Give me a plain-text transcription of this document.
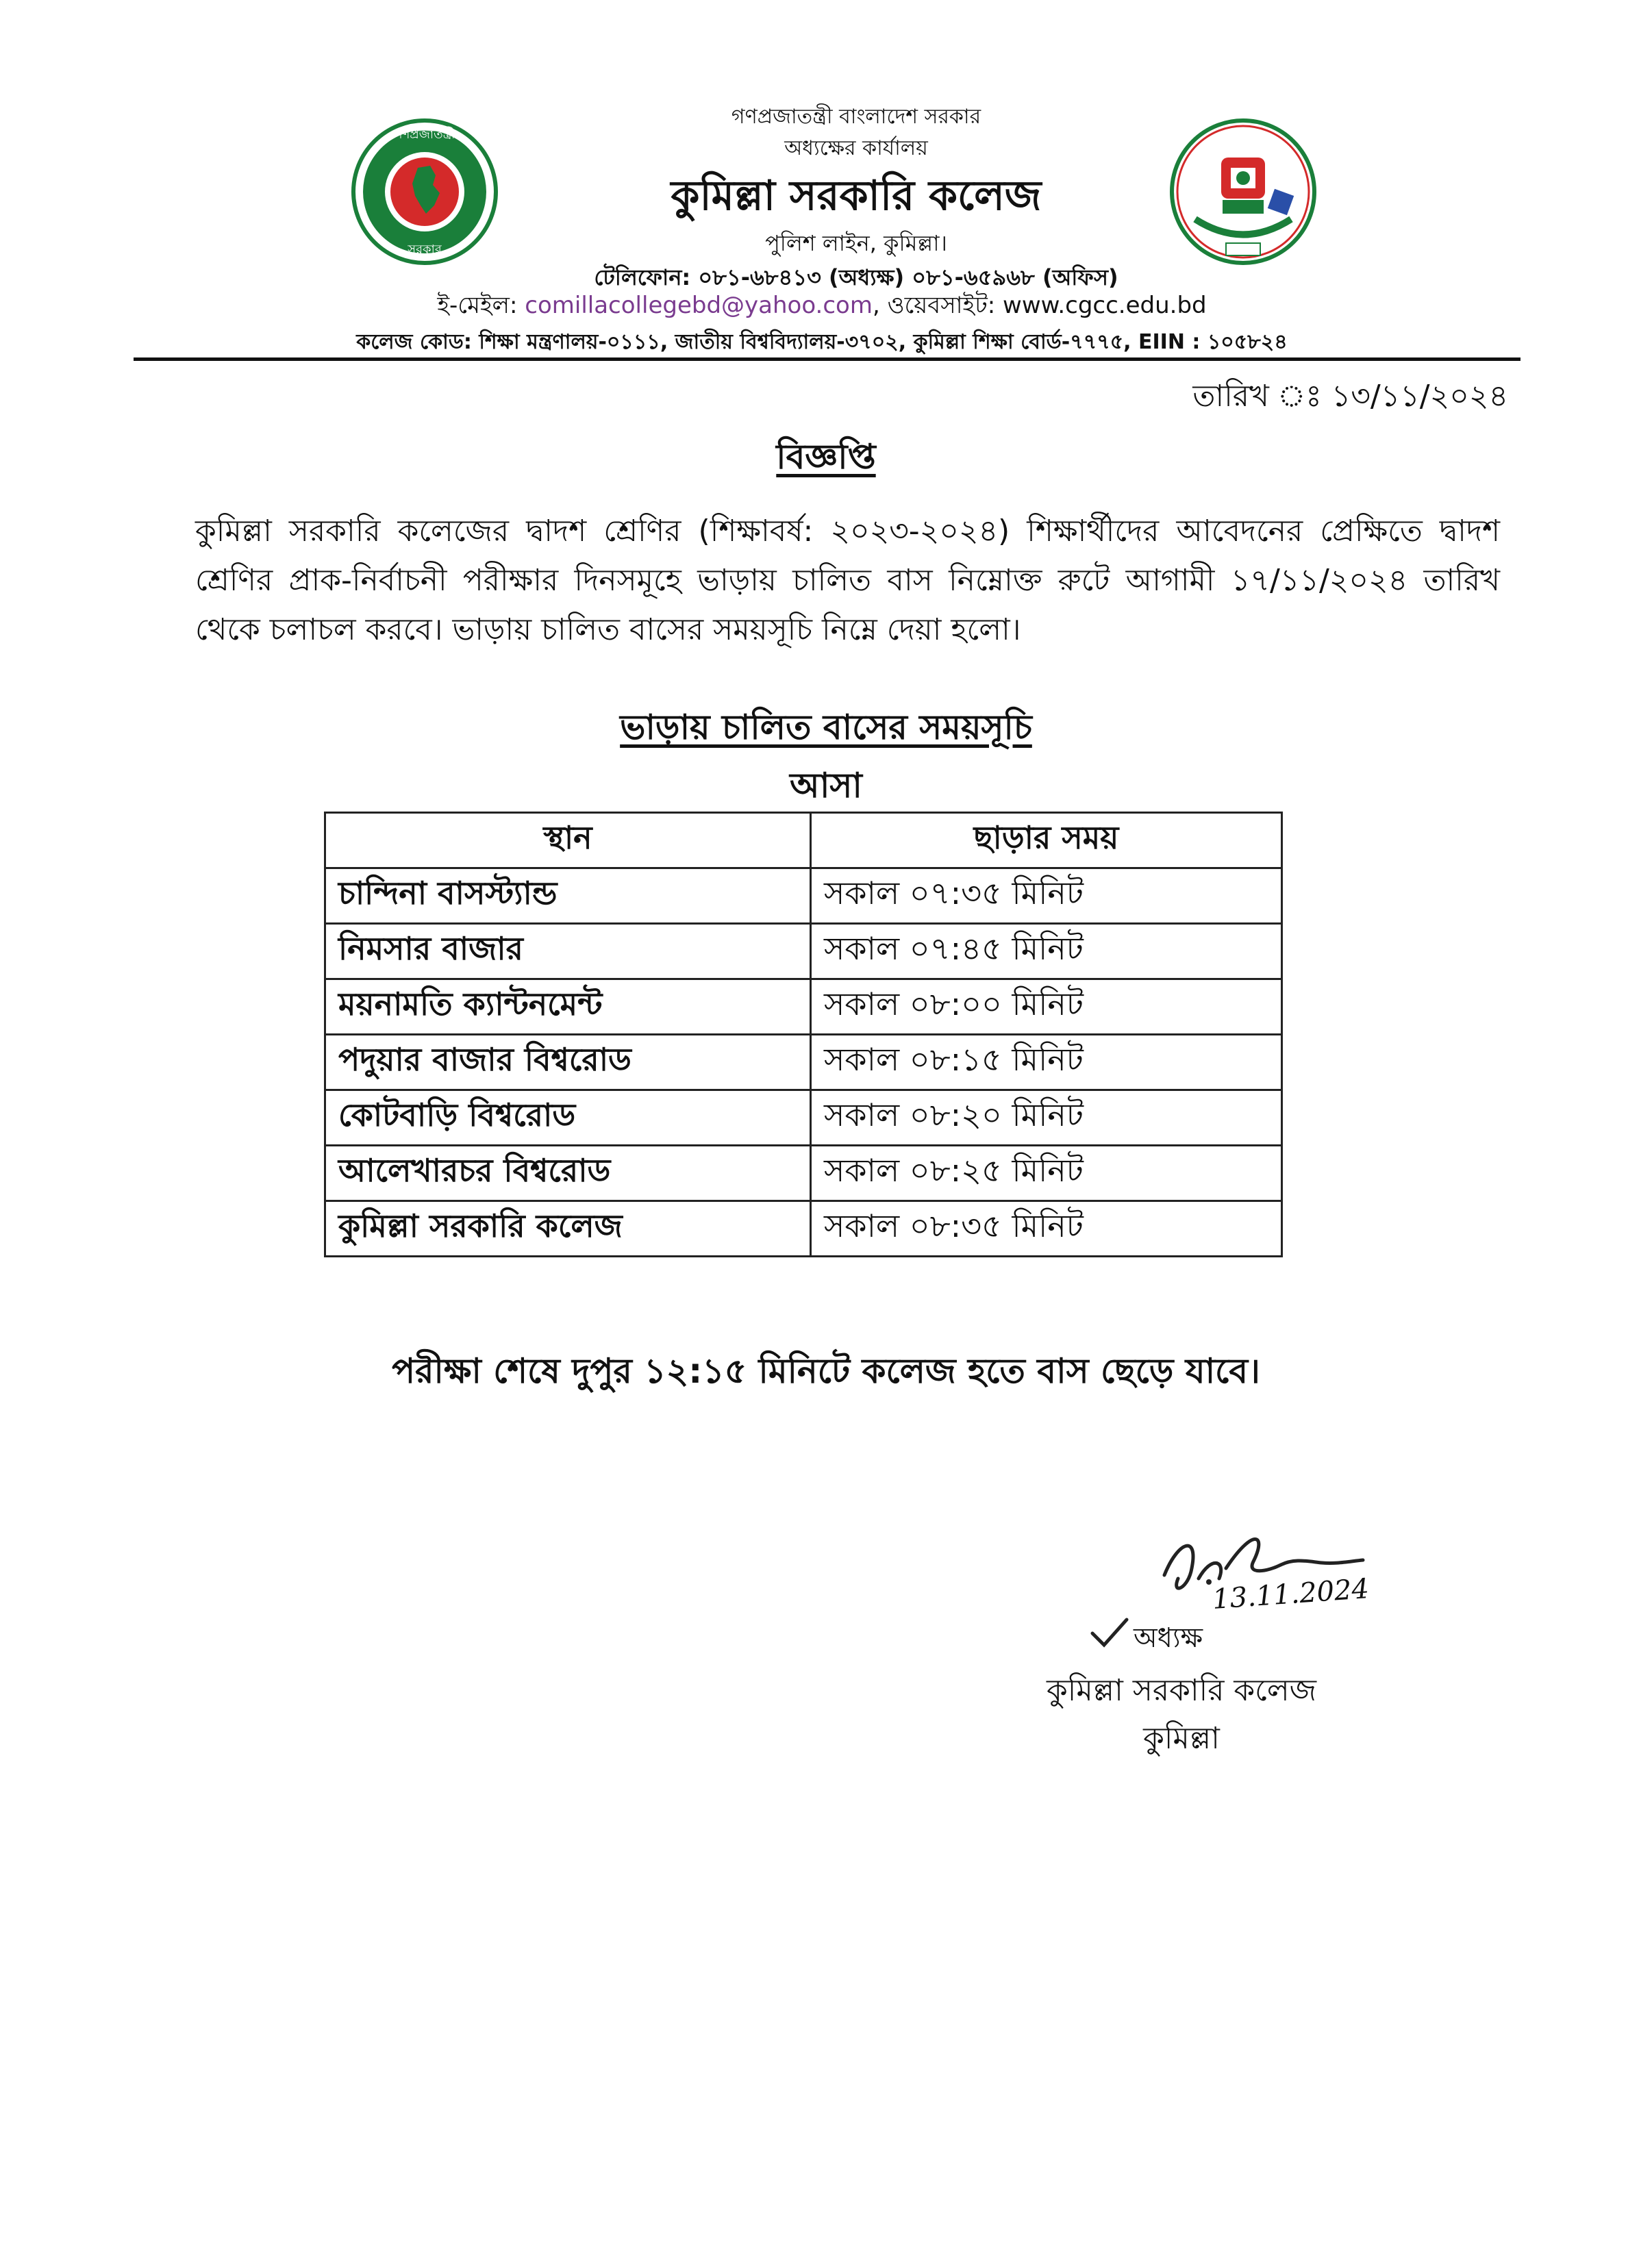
গণপ্রজাতন্ত্রী
সরকার
গণপ্রজাতন্ত্রী বাংলাদেশ সরকার
অধ্যক্ষের কার্যালয়
কুমিল্লা সরকারি কলেজ
পুলিশ লাইন, কুমিল্লা।
টেলিফোন: ০৮১-৬৮৪১৩ (অধ্যক্ষ) ০৮১-৬৫৯৬৮ (অফিস)
ই-মেইল: comillacollegebd@yahoo.com, ওয়েবসাইট: www.cgcc.edu.bd
কলেজ কোড: শিক্ষা মন্ত্রণালয়-০১১১, জাতীয় বিশ্ববিদ্যালয়-৩৭০২, কুমিল্লা শিক্ষা বোর্ড-৭৭৭৫, EIIN : ১০৫৮২৪
তারিখ ঃ ১৩/১১/২০২৪
বিজ্ঞপ্তি
কুমিল্লা সরকারি কলেজের দ্বাদশ শ্রেণির (শিক্ষাবর্ষ: ২০২৩-২০২৪) শিক্ষার্থীদের আবেদনের প্রেক্ষিতে দ্বাদশ শ্রেণির প্রাক-নির্বাচনী পরীক্ষার দিনসমূহে ভাড়ায় চালিত বাস নিম্নোক্ত রুটে আগামী ১৭/১১/২০২৪ তারিখ থেকে চলাচল করবে। ভাড়ায় চালিত বাসের সময়সূচি নিম্নে দেয়া হলো।
ভাড়ায় চালিত বাসের সময়সূচি
আসা
স্থান	ছাড়ার সময়
চান্দিনা বাসস্ট্যান্ড	সকাল ০৭:৩৫ মিনিট
নিমসার বাজার	সকাল ০৭:৪৫ মিনিট
ময়নামতি ক্যান্টনমেন্ট	সকাল ০৮:০০ মিনিট
পদুয়ার বাজার বিশ্বরোড	সকাল ০৮:১৫ মিনিট
কোটবাড়ি বিশ্বরোড	সকাল ০৮:২০ মিনিট
আলেখারচর বিশ্বরোড	সকাল ০৮:২৫ মিনিট
কুমিল্লা সরকারি কলেজ	সকাল ০৮:৩৫ মিনিট
পরীক্ষা শেষে দুপুর ১২:১৫ মিনিটে কলেজ হতে বাস ছেড়ে যাবে।
13.11.2024
অধ্যক্ষ
কুমিল্লা সরকারি কলেজ
কুমিল্লা
